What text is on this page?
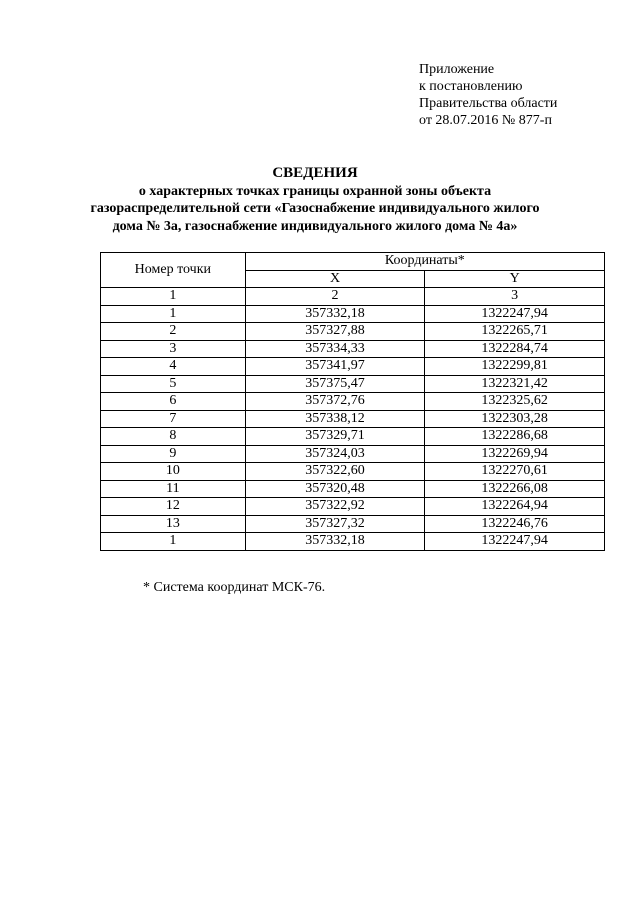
Приложение
к постановлению
Правительства области
от 28.07.2016 № 877-п
СВЕДЕНИЯ
о характерных точках границы охранной зоны объекта
газораспределительной сети «Газоснабжение индивидуального жилого
дома № 3а, газоснабжение индивидуального жилого дома № 4а»
Номер точки	Координаты*	
	X	Y
1	2	3
1	357332,18	1322247,94
2	357327,88	1322265,71
3	357334,33	1322284,74
4	357341,97	1322299,81
5	357375,47	1322321,42
6	357372,76	1322325,62
7	357338,12	1322303,28
8	357329,71	1322286,68
9	357324,03	1322269,94
10	357322,60	1322270,61
11	357320,48	1322266,08
12	357322,92	1322264,94
13	357327,32	1322246,76
1	357332,18	1322247,94
* Система координат МСК-76.
